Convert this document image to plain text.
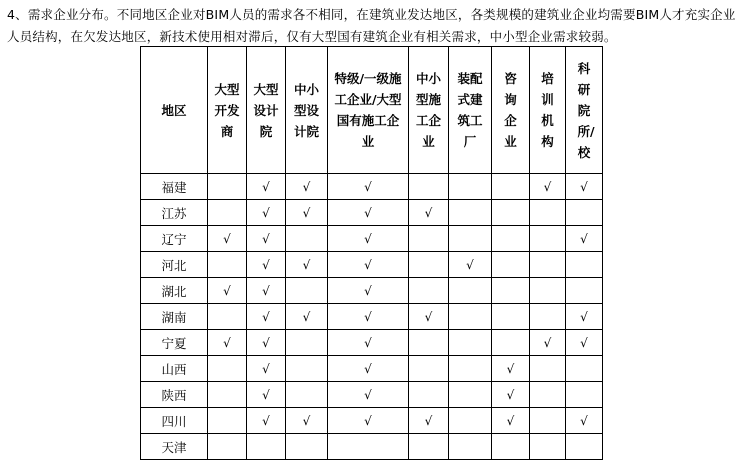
4、需求企业分布。不同地区企业对BIM人员的需求各不相同，在建筑业发达地区，各类规模的建筑业企业均需要BIM人才充实企业人员结构，在欠发达地区，新技术使用相对滞后，仅有大型国有建筑企业有相关需求，中小型企业需求较弱。
地区	大型开发商	大型设计院	中小型设计院	特级/一级施工企业/大型国有施工企业	中小型施工企业	装配式建筑工厂	咨询企业	培训机构	科研院所/校
福建		√	√	√				√	√
江苏		√	√	√	√				
辽宁	√	√		√					√
河北		√	√	√		√			
湖北	√	√		√					
湖南		√	√	√	√				√
宁夏	√	√		√				√	√
山西		√		√			√		
陕西		√		√			√		
四川		√	√	√	√		√		√
天津									
